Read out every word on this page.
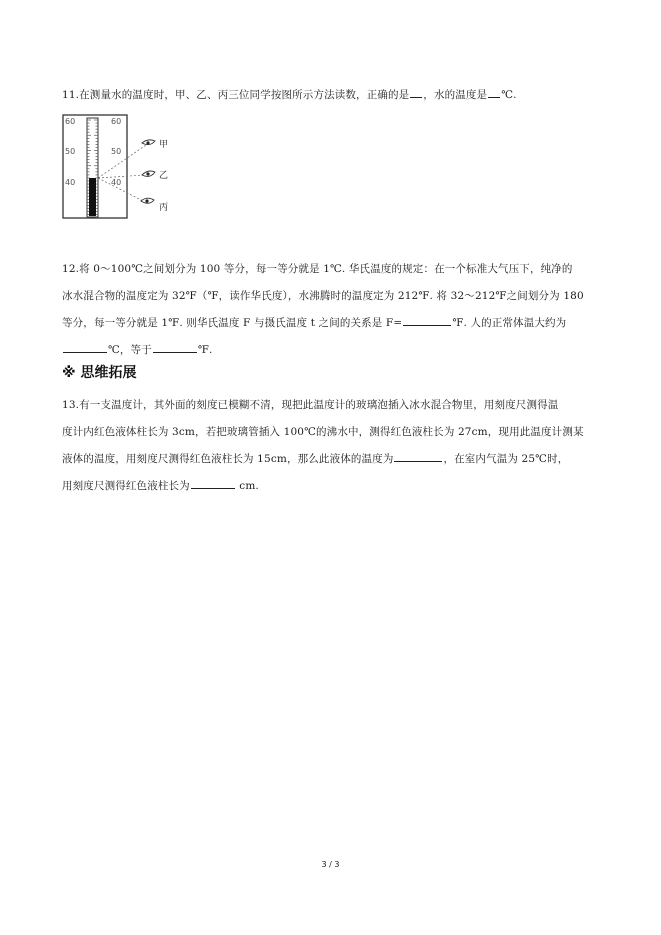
11.在测量水的温度时，甲、乙、丙三位同学按图所示方法读数，正确的是 ，水的温度是 ℃.
60
50
40
60
50
40
甲
乙
丙
12.将 0～100℃之间划分为 100 等分，每一等分就是 1℃. 华氏温度的规定：在一个标准大气压下，纯净的
冰水混合物的温度定为 32℉（℉，读作华氏度），水沸腾时的温度定为 212℉. 将 32～212℉之间划分为 180
等分，每一等分就是 1℉. 则华氏温度 F 与摄氏温度 t 之间的关系是 F=	℉. 人的正常体温大约为
℃，等于	℉.
※ 思维拓展
13.有一支温度计，其外面的刻度已模糊不清，现把此温度计的玻璃泡插入冰水混合物里，用刻度尺测得温
度计内红色液体柱长为 3cm，若把玻璃管插入 100℃的沸水中，测得红色液柱长为 27cm，现用此温度计测某
液体的温度，用刻度尺测得红色液柱长为 15cm，那么此液体的温度为	，在室内气温为 25℃时，
用刻度尺测得红色液柱长为	cm.
3 / 3
